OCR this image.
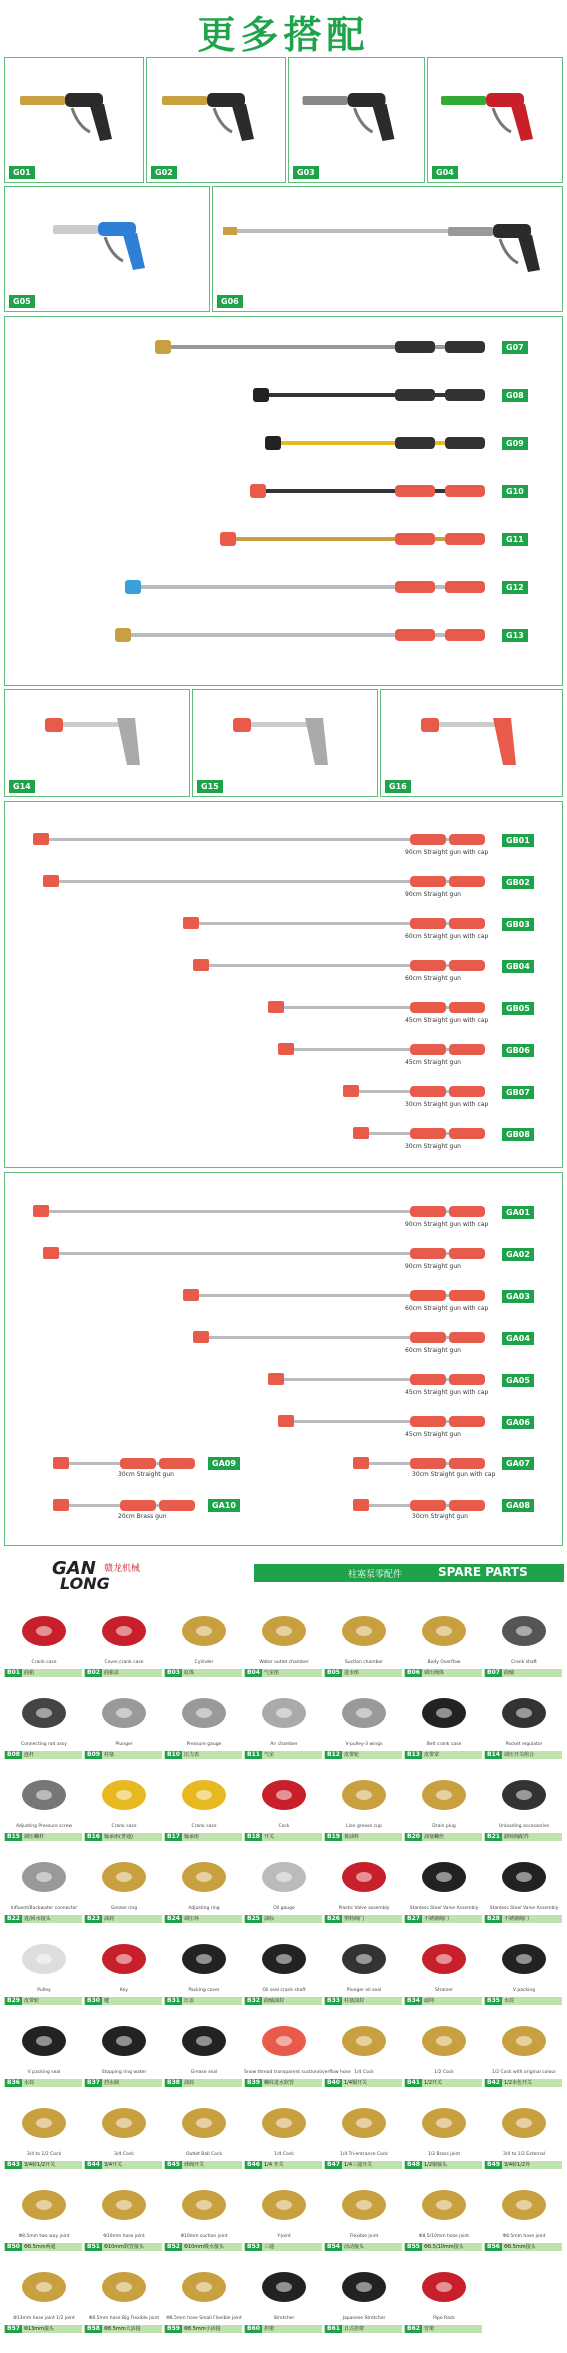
更多搭配
G07
G08
G09
G10
G11
G12
G13
GB01
90cm Straight gun with cap
GB02
90cm Straight gun
GB03
60cm Straight gun with cap
GB04
60cm Straight gun
GB05
45cm Straight gun with cap
GB06
45cm Straight gun
GB07
30cm Straight gun with cap
GB08
30cm Straight gun
GA01
90cm Straight gun with cap
GA02
90cm Straight gun
GA03
60cm Straight gun with cap
GA04
60cm Straight gun
GA05
45cm Straight gun with cap
GA06
45cm Straight gun
GA07
30cm Straight gun with cap
GA08
30cm Straight gun
GA09
30cm Straight gun
GA10
20cm Brass gun
GAN
LONG
赣龙机械
柱塞泵零配件	SPARE PARTS
Crank case
B01 曲箱
Cover,crank case
B02 曲箱盖
Cylinder
B03 缸体
Water outlet chamber
B04 气室座
Suction chamber
B05 进水座
Body Overflow
B06 调压阀体
Crank shaft
B07 曲轴
Connecting rod assy
B08 连杆
Plunger
B09 柱塞
Pressure gauge
B10 压力表
Air chamber
B11 气室
V-pulley-3 wings
B12 皮带轮
Belt crank case
B13 皮带罩
Pocket regulator
B14 调压开关组合
Adjusting Pressure screw
B15 调压螺杆
Crank case
B16 轴承座(普通)
Crank case
B17 轴承座
Cock
B18 开关
Lion grease cup
B19 黄油杯
Drain plug
B20 油塞螺丝
Unloading accessories
B21 卸荷阀配件
Influent/Backwater connector
B22 进/回水接头
Grease ring
B23 油封
Adjusting ring
B24 调压环
Oil gauge
B25 油标
Plastic Valve assembly
B26 塑料阀门
Stanless Steel Valve Assembly
B27 不锈钢阀门
Stanless Steel Valve Assembly
B28 不锈钢阀门
Pulley
B29 皮带轮
Key
B30 键
Packing cover
B31 压盖
Oil seal crank shaft
B32 曲轴油封
Plunger oil seal
B33 柱塞油封
Strainer
B34 滤网
V packing
B35 水封
V packing seal
B36 水封
Stopping ring water
B37 挡水圈
Grease seal
B38 油封
Snow thread transparent suction/overflow hose
B39 螺纹进水软管
1/4 Cock
B40 1/4铜开关
1/2 Cock
B41 1/2开关
1/2 Cock with original colour
B42 1/2本色开关
3/4 to 1/2 Cock
B43 3/4转1/2开关
3/4 Cock
B44 3/4开关
Outlet Ball Cock
B45 球阀开关
1/4 Cock
B46 1/4 开关
1/4 Tri-entrance Cock
B47 1/4三通开关
1/2 Brass joint
B48 1/2铜接头
3/4 to 1/2 External
B49 3/4转1/2外
Φ8.5mm two way joint
B50 Φ8.5mm两通
Φ10mm hose joint
B51 Φ10mm软管接头
Φ10mm suction joint
B52 Φ10mm吸水接头
Y-joint
B53 三通
Flexible joint
B54 活动接头
Φ8.5/10mm hose joint
B55 Φ8.5/10mm接头
Φ8.5mm hose joint
B56 Φ8.5mm接头
Φ13mm hose joint 1/2 joint
B57 Φ13mm接头
Φ8.5mm hose Big Flexible joint
B58 Φ8.5mm大活接
Φ8.5mm hose Small Flexible joint
B59 Φ8.5mm小活接
Stretcher
B60 担架
Japanese Stretcher
B61 日式担架
Pipe Rack
B62 管架
G01	G02	G03	G04
G05	G06
G14	G15	G16
